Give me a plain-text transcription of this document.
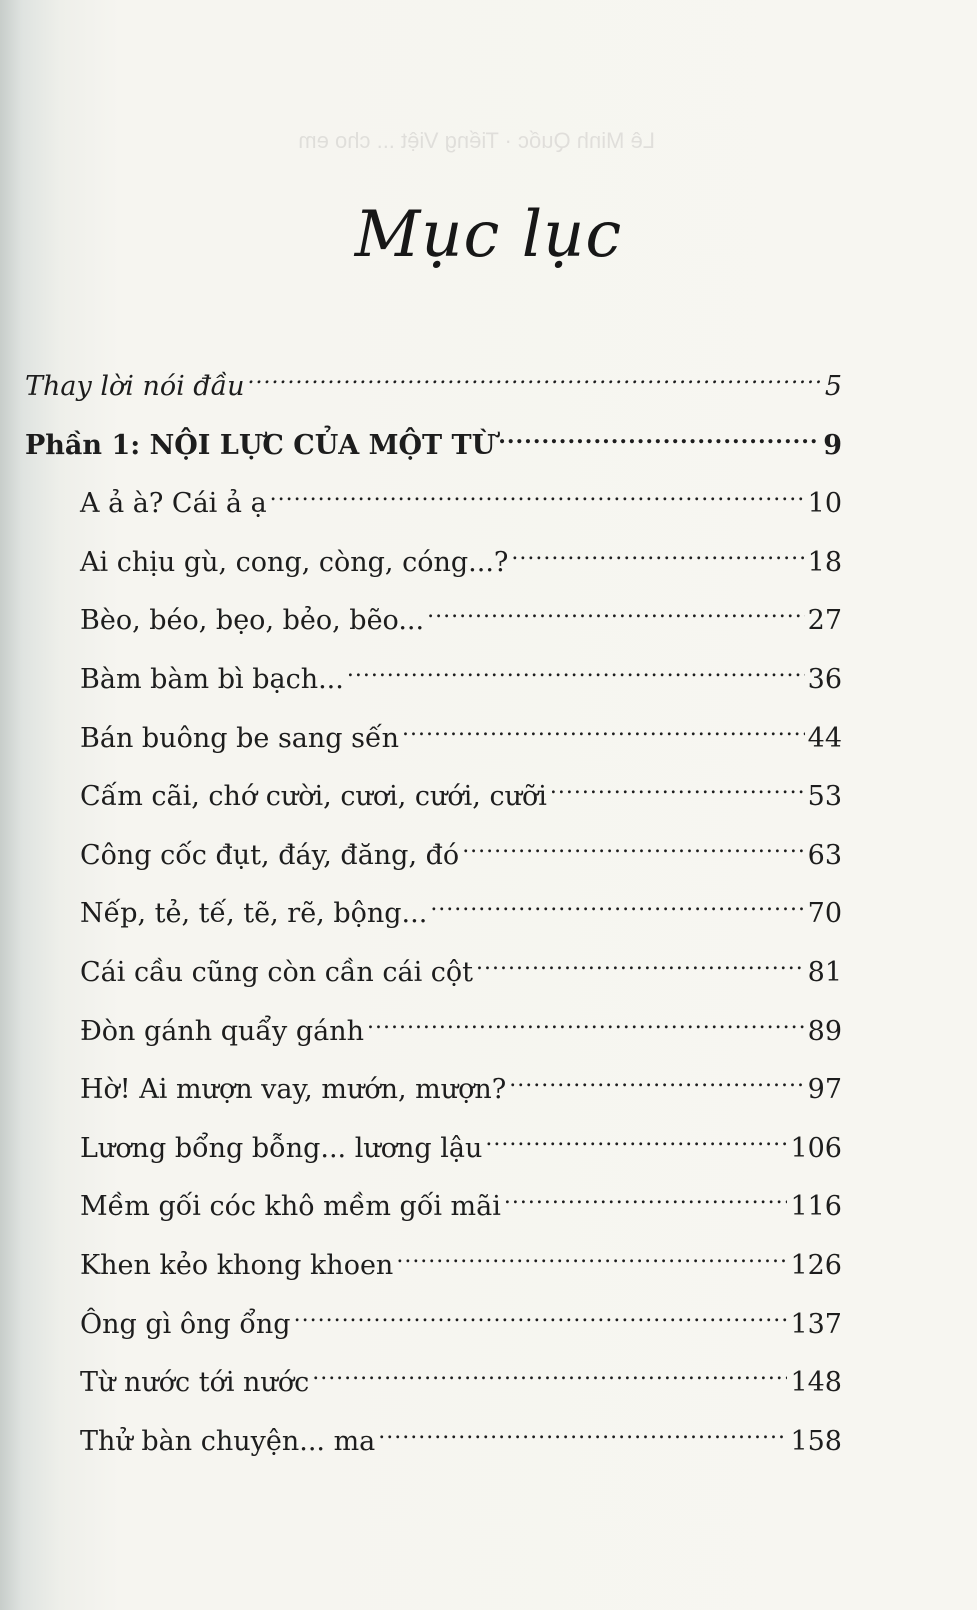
Lê Minh Quốc · Tiếng Việt ... cho em
Mục lục
Thay lời nói đầu .....	5
Phần 1: NỘI LỰC CỦA MỘT TỪ .....	9
A ả à? Cái ả ạ .....	10
Ai chịu gù, cong, còng, cóng...? .....	18
Bèo, béo, bẹo, bẻo, bẽo... .....	27
Bàm bàm bì bạch... .....	36
Bán buông be sang sến .....	44
Cấm cãi, chớ cười, cươi, cưới, cưỡi .....	53
Công cốc đụt, đáy, đăng, đó .....	63
Nếp, tẻ, tế, tẽ, rẽ, bộng... .....	70
Cái cầu cũng còn cần cái cột .....	81
Đòn gánh quẩy gánh .....	89
Hờ! Ai mượn vay, mướn, mượn? .....	97
Lương bổng bỗng... lương lậu .....	106
Mềm gối cóc khô mềm gối mãi .....	116
Khen kẻo khong khoen .....	126
Ông gì ông ổng .....	137
Từ nước tới nước .....	148
Thử bàn chuyện... ma .....	158
